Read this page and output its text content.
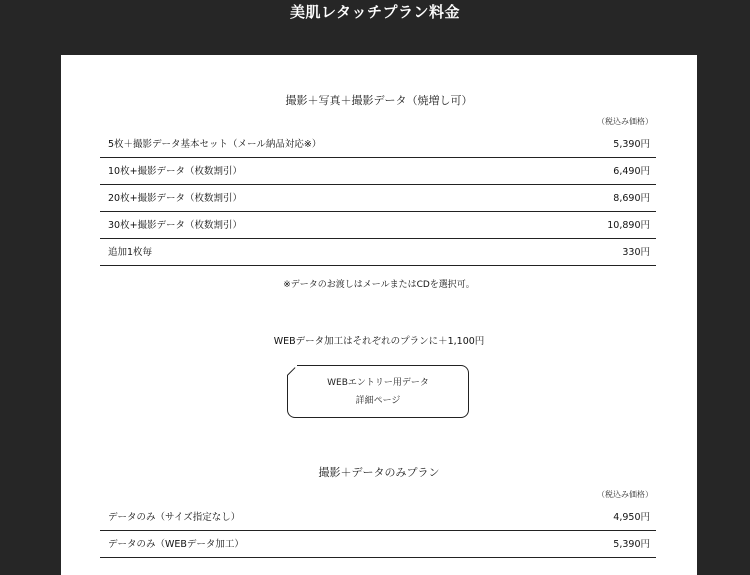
美肌レタッチプラン料金
撮影＋写真＋撮影データ（焼増し可）
（税込み価格）
5枚＋撮影データ基本セット（メール納品対応※）	5,390円
10枚+撮影データ（枚数割引）	6,490円
20枚+撮影データ（枚数割引）	8,690円
30枚+撮影データ（枚数割引）	10,890円
追加1枚毎	330円
※データのお渡しはメールまたはCDを選択可。
WEBデータ加工はそれぞれのプランに＋1,100円
WEBエントリー用データ
詳細ページ
撮影＋データのみプラン
（税込み価格）
データのみ（サイズ指定なし）	4,950円
データのみ（WEBデータ加工）	5,390円
